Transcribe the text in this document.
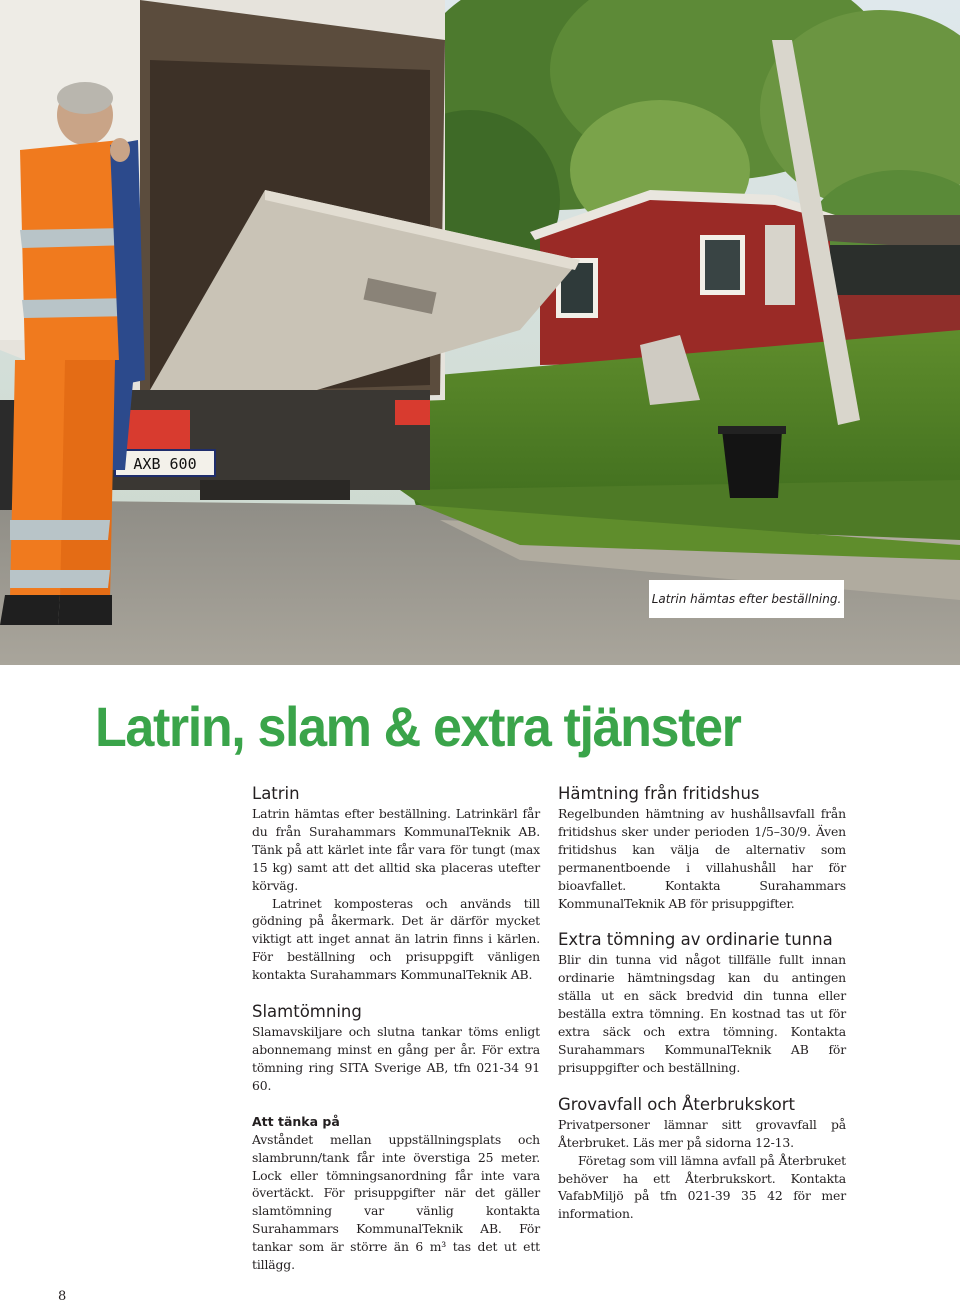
AXB 600
Latrin hämtas efter beställning.
Latrin, slam & extra tjänster
Latrin

Latrin hämtas efter beställning. Latrinkärl får du från Surahammars KommunalTeknik AB. Tänk på att kärlet inte får vara för tungt (max 15 kg) samt att det alltid ska placeras utefter körväg.

Latrinet komposteras och används till gödning på åkermark. Det är därför mycket viktigt att inget annat än latrin finns i kärlen. För beställning och prisuppgift vänligen kontakta Surahammars KommunalTeknik AB.

Slamtömning

Slamavskiljare och slutna tankar töms enligt abonnemang minst en gång per år. För extra tömning ring SITA Sverige AB, tfn 021-34 91 60.

Att tänka på

Avståndet mellan uppställningsplats och slambrunn/tank får inte överstiga 25 meter. Lock eller tömningsanordning får inte vara övertäckt. För prisuppgifter när det gäller slamtömning var vänlig kontakta Surahammars KommunalTeknik AB. För tankar som är större än 6 m³ tas det ut ett tillägg.

Hämtning från fritidshus

Regelbunden hämtning av hushållsavfall från fritidshus sker under perioden 1/5–30/9. Även fritidshus kan välja de alternativ som permanentboende i villahushåll har för bioavfallet. Kontakta Surahammars KommunalTeknik AB för prisuppgifter.

Extra tömning av ordinarie tunna

Blir din tunna vid något tillfälle fullt innan ordinarie hämtningsdag kan du antingen ställa ut en säck bredvid din tunna eller beställa extra tömning. En kostnad tas ut för extra säck och extra tömning. Kontakta Surahammars KommunalTeknik AB för prisuppgifter och beställning.

Grovavfall och Återbrukskort

Privatpersoner lämnar sitt grovavfall på Återbruket. Läs mer på sidorna 12-13.

Företag som vill lämna avfall på Återbruket behöver ha ett Återbrukskort. Kontakta VafabMiljö på tfn 021-39 35 42 för mer information.

8
